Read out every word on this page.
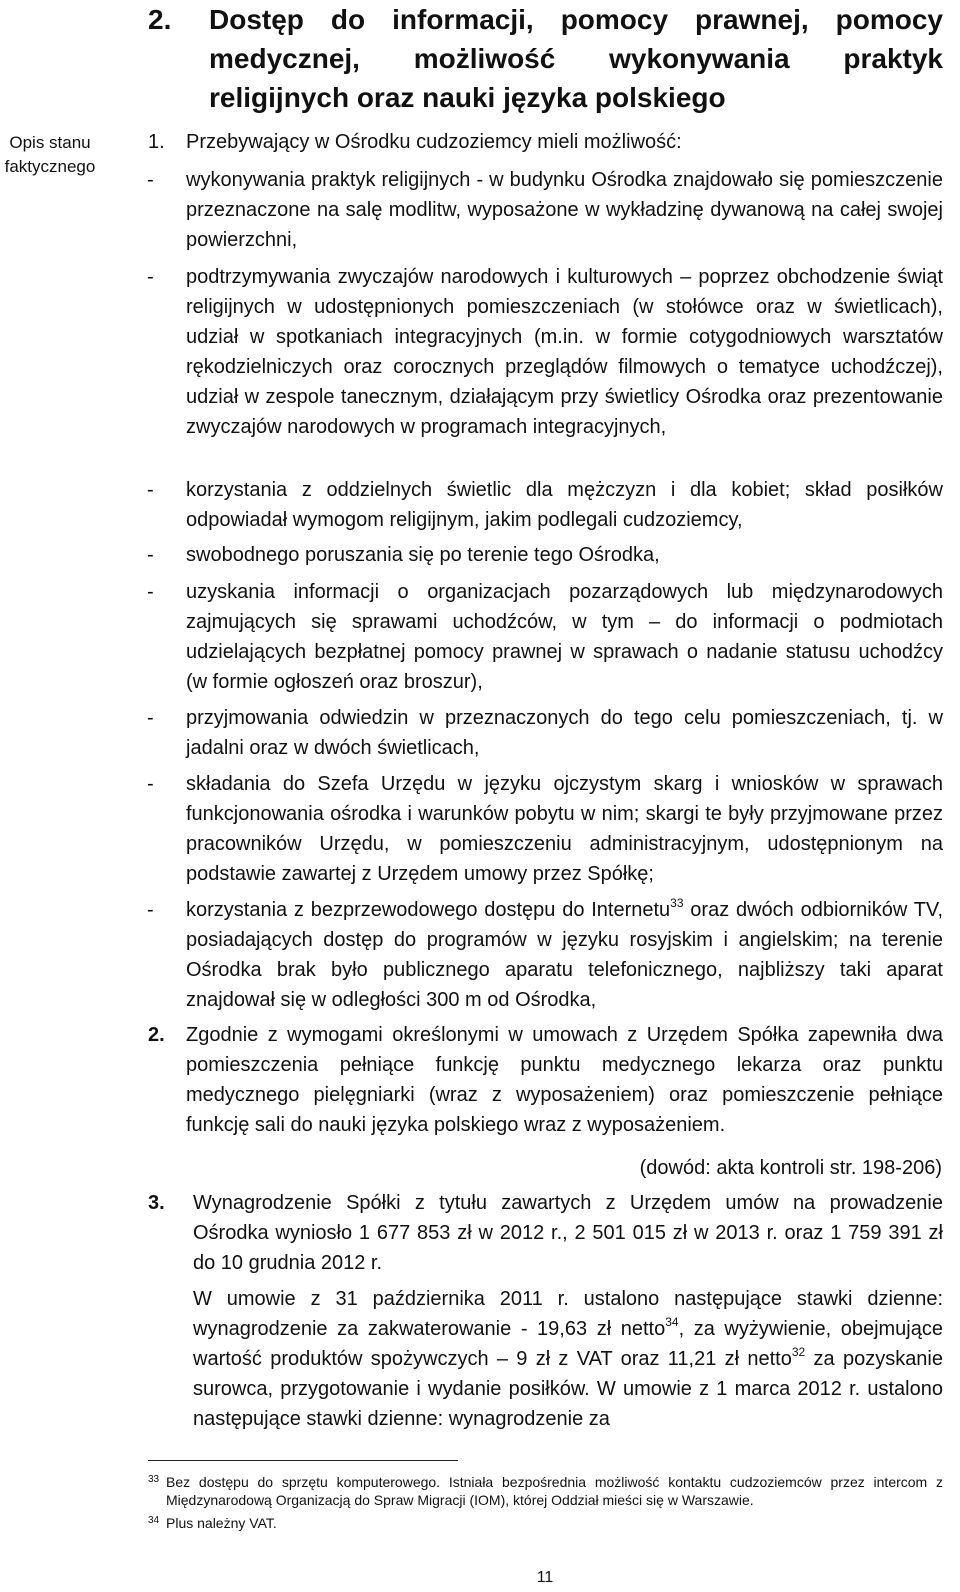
2. Dostęp do informacji, pomocy prawnej, pomocy medycznej, możliwość wykonywania praktyk religijnych oraz nauki języka polskiego
Opis stanu faktycznego
1. Przebywający w Ośrodku cudzoziemcy mieli możliwość:
- wykonywania praktyk religijnych - w budynku Ośrodka znajdowało się pomieszczenie przeznaczone na salę modlitw, wyposażone w wykładzinę dywanową na całej swojej powierzchni,
- podtrzymywania zwyczajów narodowych i kulturowych – poprzez obchodzenie świąt religijnych w udostępnionych pomieszczeniach (w stołówce oraz w świetlicach), udział w spotkaniach integracyjnych (m.in. w formie cotygodniowych warsztatów rękodzielniczych oraz corocznych przeglądów filmowych o tematyce uchodźczej), udział w zespole tanecznym, działającym przy świetlicy Ośrodka oraz prezentowanie zwyczajów narodowych w programach integracyjnych,
- korzystania z oddzielnych świetlic dla mężczyzn i dla kobiet; skład posiłków odpowiadał wymogom religijnym, jakim podlegali cudzoziemcy,
- swobodnego poruszania się po terenie tego Ośrodka,
- uzyskania informacji o organizacjach pozarządowych lub międzynarodowych zajmujących się sprawami uchodźców, w tym – do informacji o podmiotach udzielających bezpłatnej pomocy prawnej w sprawach o nadanie statusu uchodźcy (w formie ogłoszeń oraz broszur),
- przyjmowania odwiedzin w przeznaczonych do tego celu pomieszczeniach, tj. w jadalni oraz w dwóch świetlicach,
- składania do Szefa Urzędu w języku ojczystym skarg i wniosków w sprawach funkcjonowania ośrodka i warunków pobytu w nim; skargi te były przyjmowane przez pracowników Urzędu, w pomieszczeniu administracyjnym, udostępnionym na podstawie zawartej z Urzędem umowy przez Spółkę;
- korzystania z bezprzewodowego dostępu do Internetu$^{33}$ oraz dwóch odbiorników TV, posiadających dostęp do programów w języku rosyjskim i angielskim; na terenie Ośrodka brak było publicznego aparatu telefonicznego, najbliższy taki aparat znajdował się w odległości 300 m od Ośrodka,
2. Zgodnie z wymogami określonymi w umowach z Urzędem Spółka zapewniła dwa pomieszczenia pełniące funkcję punktu medycznego lekarza oraz punktu medycznego pielęgniarki (wraz z wyposażeniem) oraz pomieszczenie pełniące funkcję sali do nauki języka polskiego wraz z wyposażeniem.
(dowód: akta kontroli str. 198-206)
3. Wynagrodzenie Spółki z tytułu zawartych z Urzędem umów na prowadzenie Ośrodka wyniosło 1 677 853 zł w 2012 r., 2 501 015 zł w 2013 r. oraz 1 759 391 zł do 10 grudnia 2012 r.
W umowie z 31 października 2011 r. ustalono następujące stawki dzienne: wynagrodzenie za zakwaterowanie - 19,63 zł netto$^{34}$, za wyżywienie, obejmujące wartość produktów spożywczych – 9 zł z VAT oraz 11,21 zł netto$^{32}$ za pozyskanie surowca, przygotowanie i wydanie posiłków. W umowie z 1 marca 2012 r. ustalono następujące stawki dzienne: wynagrodzenie za
33 Bez dostępu do sprzętu komputerowego. Istniała bezpośrednia możliwość kontaktu cudzoziemców przez intercom z Międzynarodową Organizacją do Spraw Migracji (IOM), której Oddział mieści się w Warszawie.
34 Plus należny VAT.
11
